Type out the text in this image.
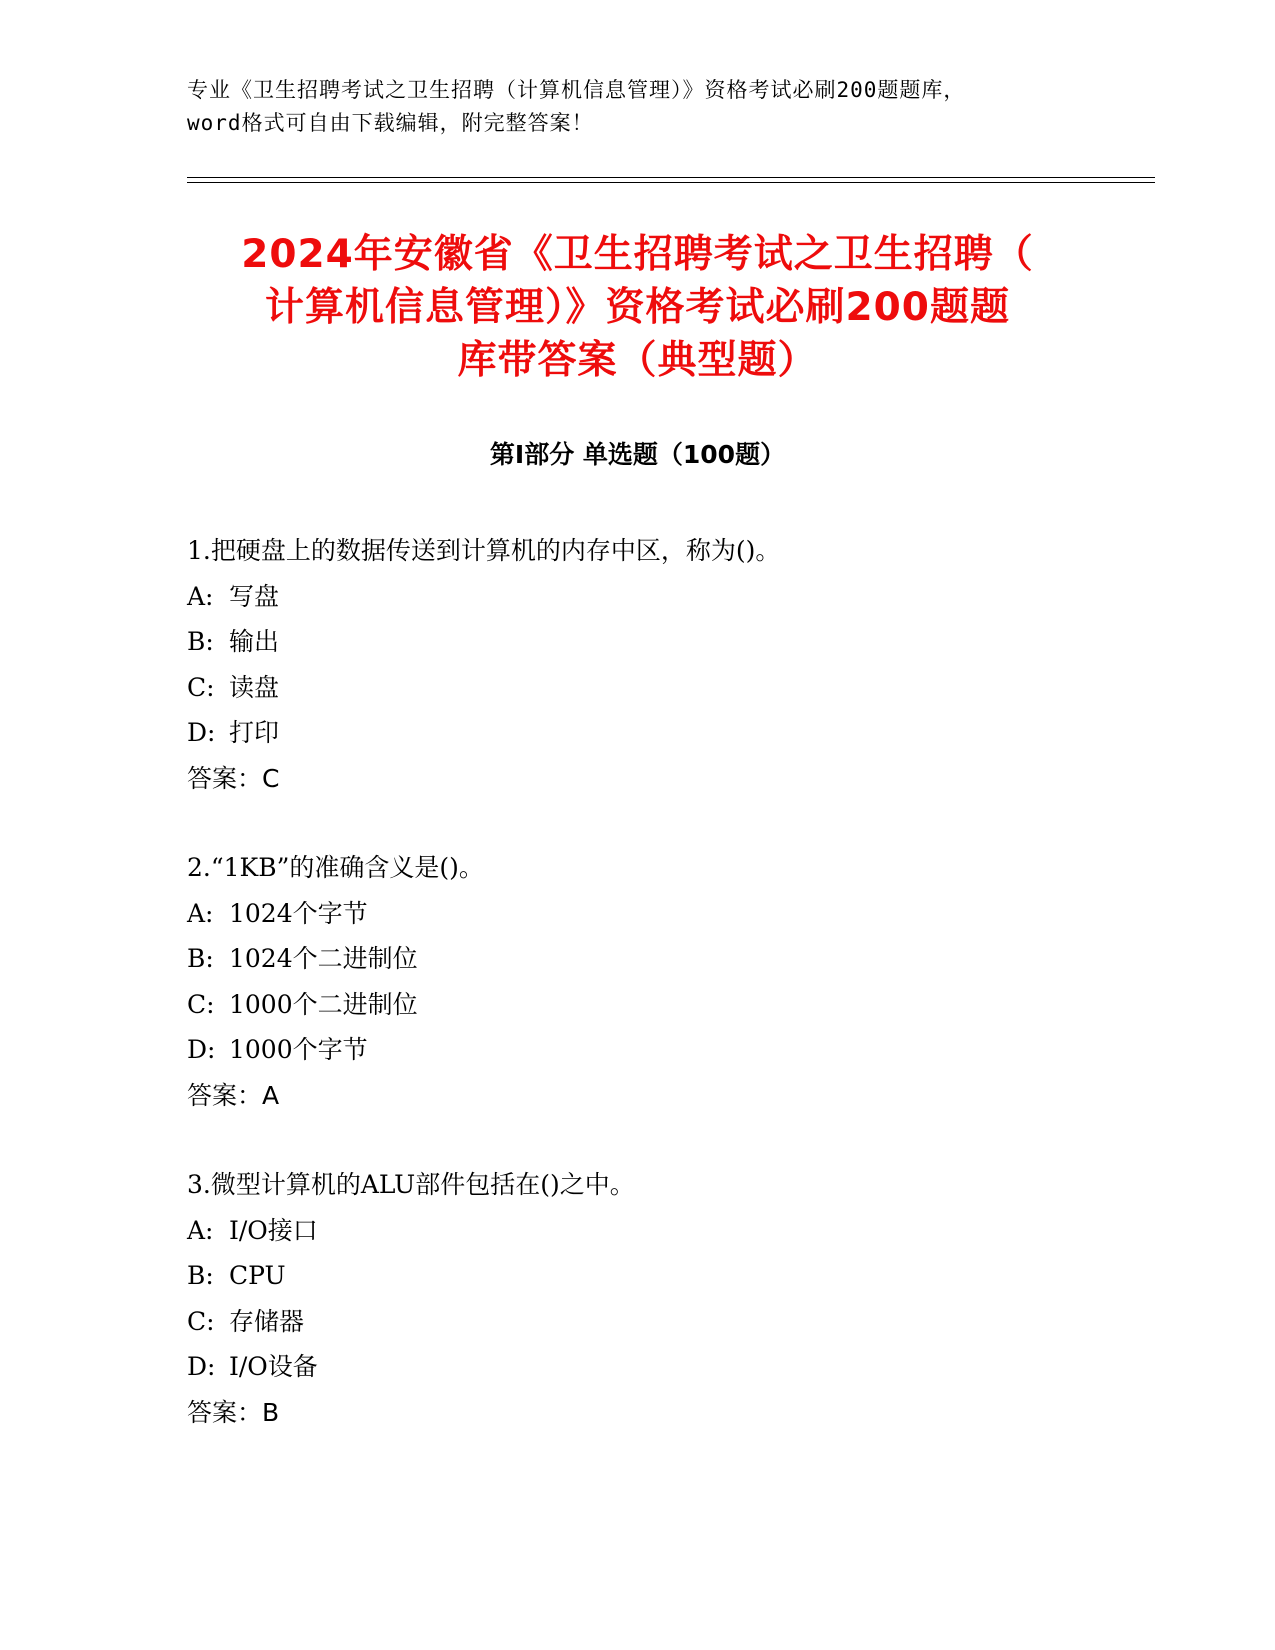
专业《卫生招聘考试之卫生招聘（计算机信息管理）》资格考试必刷200题题库，
word格式可自由下载编辑，附完整答案！
2024年安徽省《卫生招聘考试之卫生招聘（
计算机信息管理）》资格考试必刷200题题
库带答案（典型题）
第Ⅰ部分 单选题（100题）
1.把硬盘上的数据传送到计算机的内存中区，称为()。
A: 写盘
B: 输出
C: 读盘
D: 打印
答案：C
2.“1KB”的准确含义是()。
A: 1024个字节
B: 1024个二进制位
C: 1000个二进制位
D: 1000个字节
答案：A
3.微型计算机的ALU部件包括在()之中。
A: I/O接口
B: CPU
C: 存储器
D: I/O设备
答案：B
